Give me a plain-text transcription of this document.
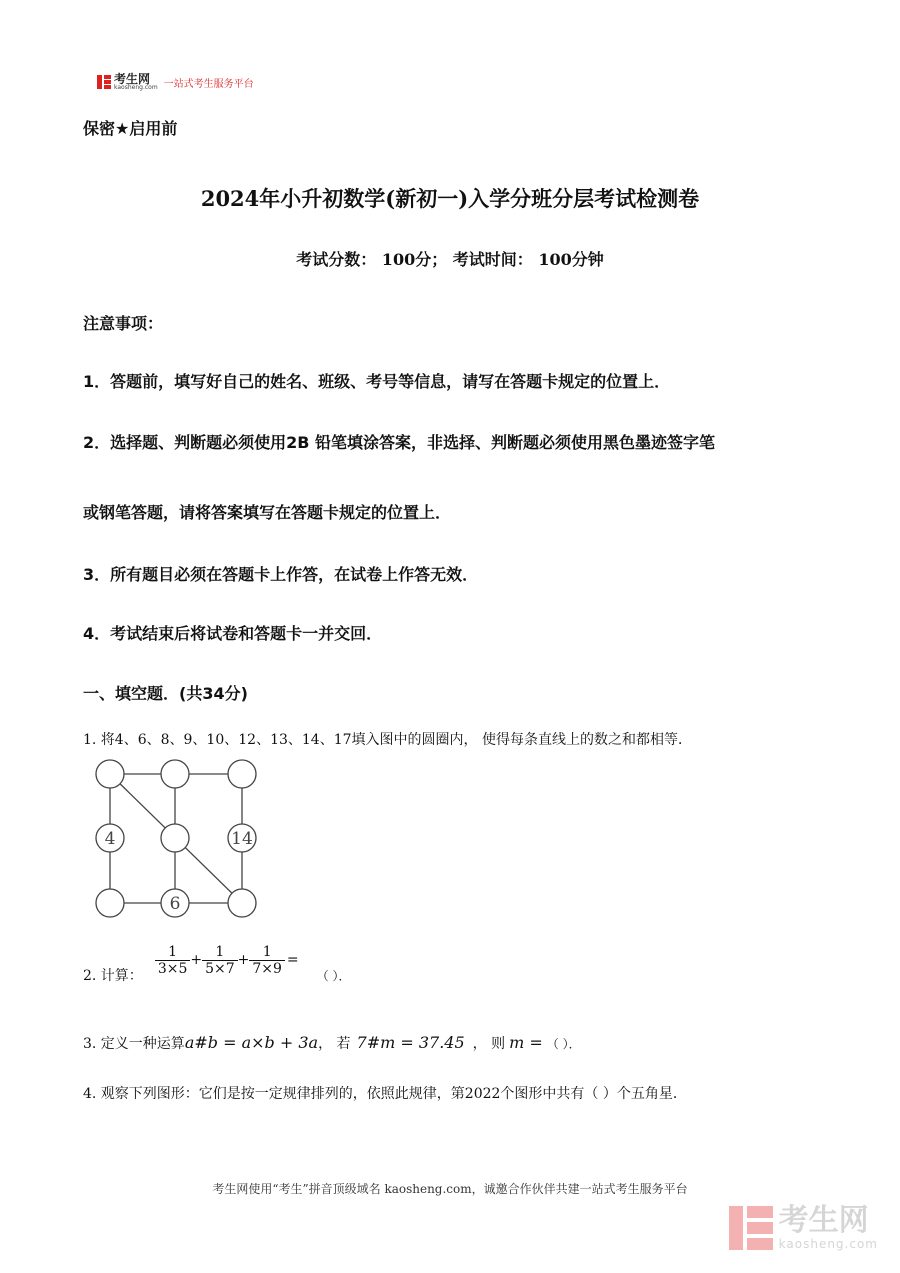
考生网
kaosheng.com 一站式考生服务平台
保密★启用前
2024年小升初数学(新初一)入学分班分层考试检测卷
考试分数： 100分； 考试时间： 100分钟
注意事项：
1．答题前，填写好自己的姓名、班级、考号等信息，请写在答题卡规定的位置上．
2．选择题、判断题必须使用2B 铅笔填涂答案，非选择、判断题必须使用黑色墨迹签字笔
或钢笔答题，请将答案填写在答题卡规定的位置上．
3．所有题目必须在答题卡上作答，在试卷上作答无效．
4．考试结束后将试卷和答题卡一并交回．
一、填空题．(共34分)
1. 将4、6、8、9、10、12、13、14、17填入图中的圆圈内， 使得每条直线上的数之和都相等．
4	14
6
2. 计算： $\frac{1}{3\times 5} + \frac{1}{5\times 7} + \frac{1}{7\times 9}$ =
（ ）．
3. 定义一种运算 a#b = a×b + 3a ， 若 7#m = 37.45 ， 则 m = （ ）．
4. 观察下列图形：它们是按一定规律排列的，依照此规律，第2022个图形中共有（ ）个五角星．
考生网使用“考生”拼音顶级域名 kaosheng.com，诚邀合作伙伴共建一站式考生服务平台
考生网
kaosheng.com
